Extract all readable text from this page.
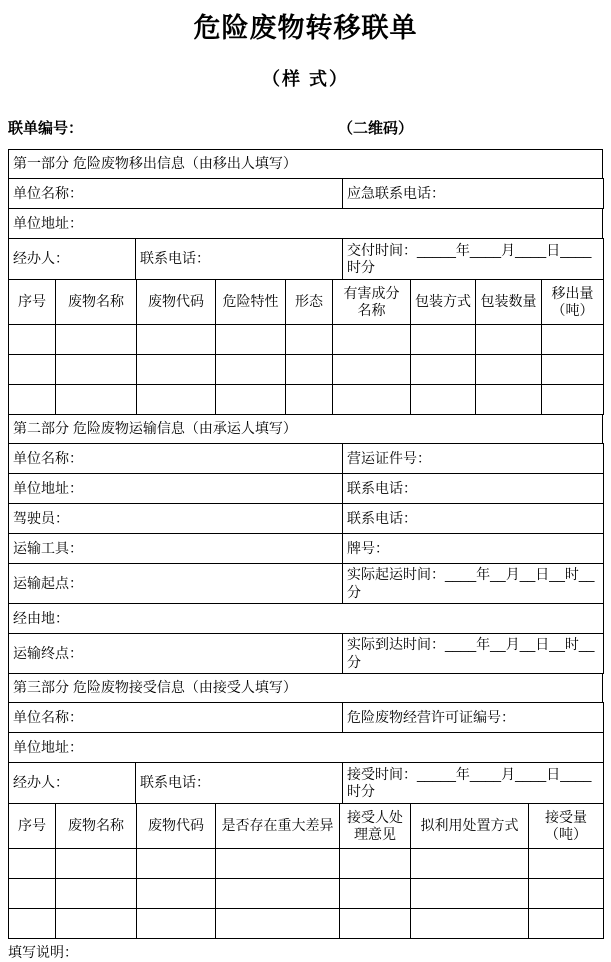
危险废物转移联单
（样 式）
联单编号：	（二维码）
第一部分 危险废物移出信息（由移出人填写）
单位名称：	应急联系电话：
单位地址：
经办人：	联系电话：	交付时间：_____年____月____日____时分
序号	废物名称	废物代码	危险特性	形态	有害成分名称	包装方式	包装数量	移出量（吨）

第二部分 危险废物运输信息（由承运人填写）
单位名称：	营运证件号：
单位地址：	联系电话：
驾驶员：	联系电话：
运输工具：	牌号：
运输起点：	实际起运时间：____年__月__日__时__分
经由地：	
运输终点：	实际到达时间：____年__月__日__时__分
第三部分 危险废物接受信息（由接受人填写）
单位名称：	危险废物经营许可证编号：
单位地址：
经办人：	联系电话：	接受时间：_____年____月____日____时分
序号	废物名称	废物代码	是否存在重大差异	接受人处理意见	拟利用处置方式	接受量（吨）

填写说明：
